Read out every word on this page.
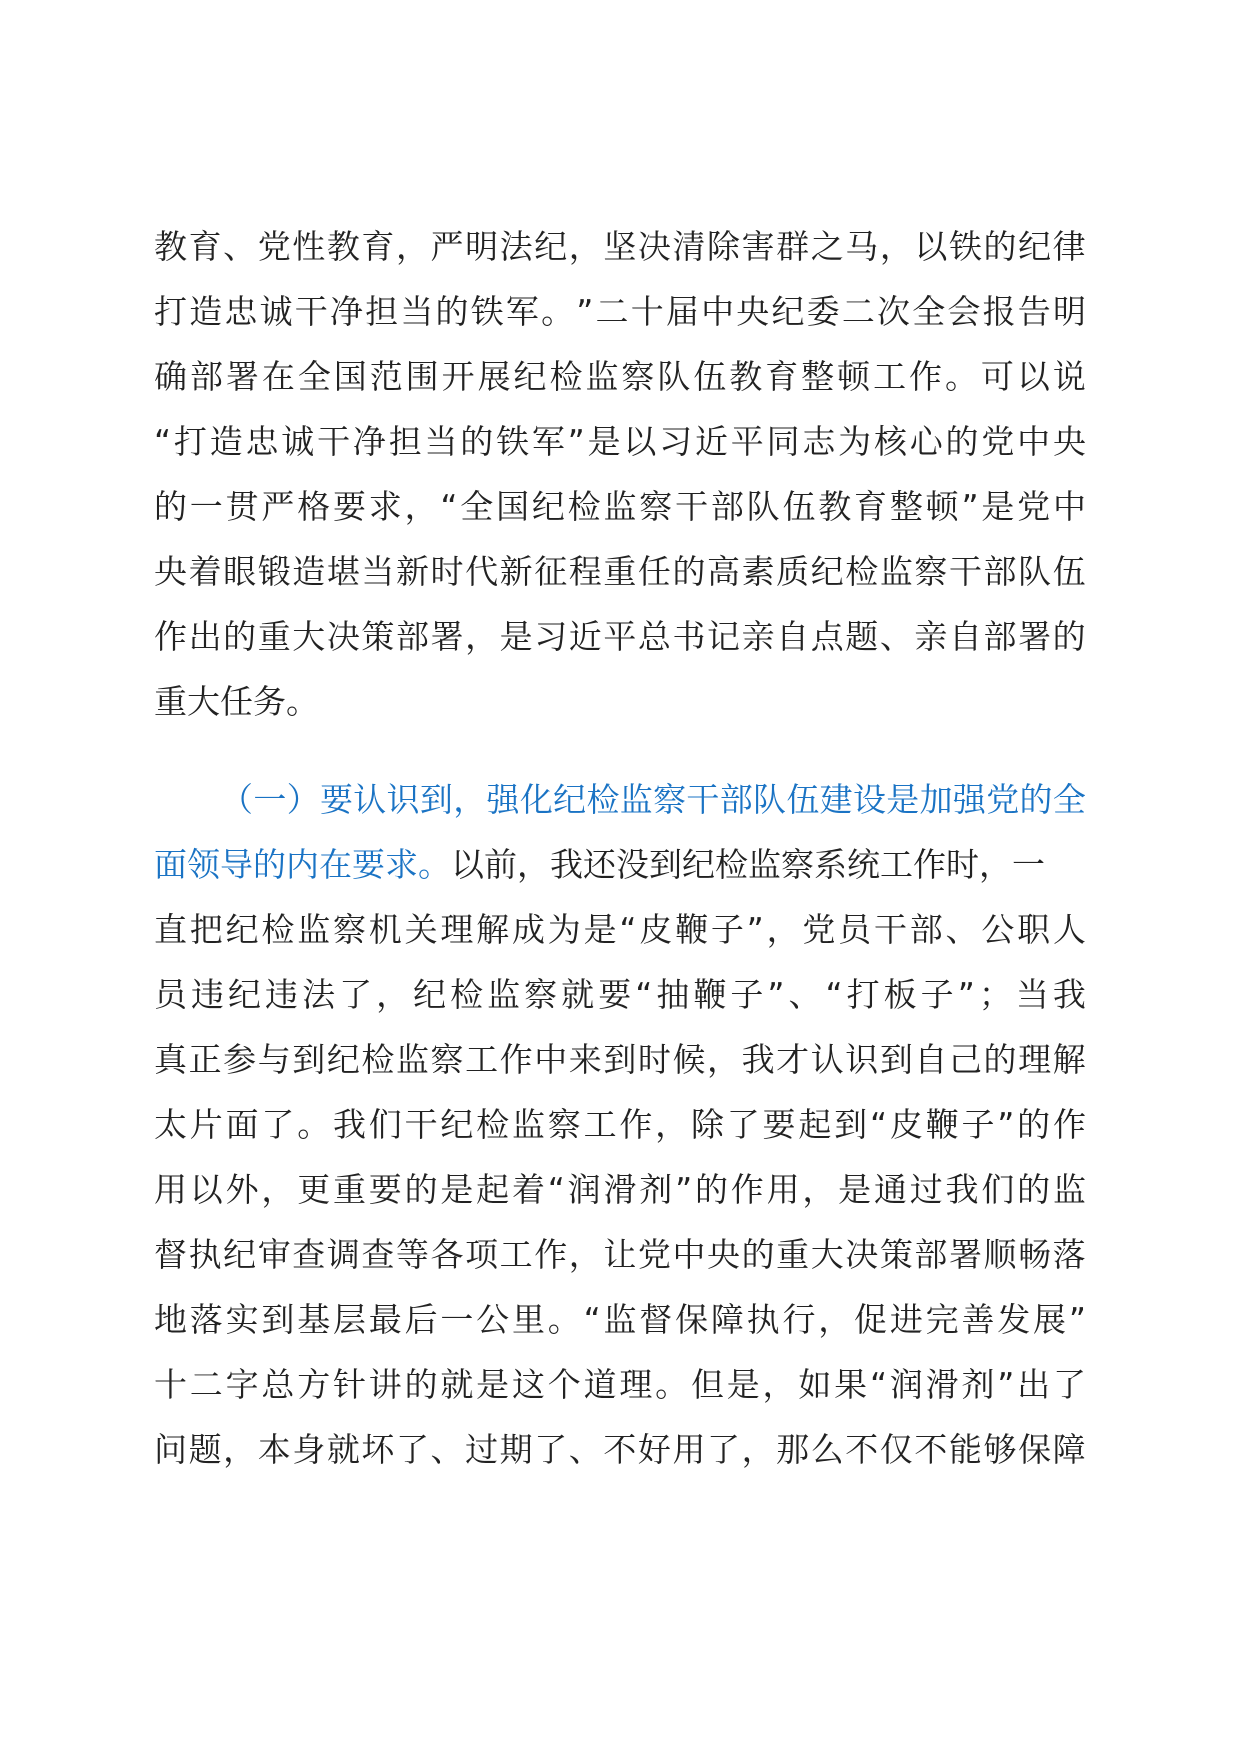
教 育 、 党 性 教 育 ， 严 明 法 纪 ， 坚 决 清 除 害 群 之 马 ， 以 铁 的 纪 律
打 造 忠 诚 干 净 担 当 的 铁 军 。 ” 二 十 届 中 央 纪 委 二 次 全 会 报 告 明
确 部 署 在 全 国 范 围 开 展 纪 检 监 察 队 伍 教 育 整 顿 工 作 。 可 以 说
“ 打 造 忠 诚 干 净 担 当 的 铁 军 ” 是 以 习 近 平 同 志 为 核 心 的 党 中 央
的 一 贯 严 格 要 求 ， “ 全 国 纪 检 监 察 干 部 队 伍 教 育 整 顿 ” 是 党 中
央 着 眼 锻 造 堪 当 新 时 代 新 征 程 重 任 的 高 素 质 纪 检 监 察 干 部 队 伍
作 出 的 重 大 决 策 部 署 ， 是 习 近 平 总 书 记 亲 自 点 题 、 亲 自 部 署 的
重大任务。
（ 一 ） 要 认 识 到 ， 强 化 纪 检 监 察 干 部 队 伍 建 设 是 加 强 党 的 全
面领导的内在要求。以前，我还没到纪检监察系统工作时，一
直 把 纪 检 监 察 机 关 理 解 成 为 是 “ 皮 鞭 子 ” ， 党 员 干 部 、 公 职 人
员 违 纪 违 法 了 ， 纪 检 监 察 就 要 “ 抽 鞭 子 ” 、 “ 打 板 子 ” ； 当 我
真 正 参 与 到 纪 检 监 察 工 作 中 来 到 时 候 ， 我 才 认 识 到 自 己 的 理 解
太 片 面 了 。 我 们 干 纪 检 监 察 工 作 ， 除 了 要 起 到 “ 皮 鞭 子 ” 的 作
用 以 外 ， 更 重 要 的 是 起 着 “ 润 滑 剂 ” 的 作 用 ， 是 通 过 我 们 的 监
督 执 纪 审 查 调 查 等 各 项 工 作 ， 让 党 中 央 的 重 大 决 策 部 署 顺 畅 落
地 落 实 到 基 层 最 后 一 公 里 。 “ 监 督 保 障 执 行 ， 促 进 完 善 发 展 ”
十 二 字 总 方 针 讲 的 就 是 这 个 道 理 。 但 是 ， 如 果 “ 润 滑 剂 ” 出 了
问 题 ， 本 身 就 坏 了 、 过 期 了 、 不 好 用 了 ， 那 么 不 仅 不 能 够 保 障
